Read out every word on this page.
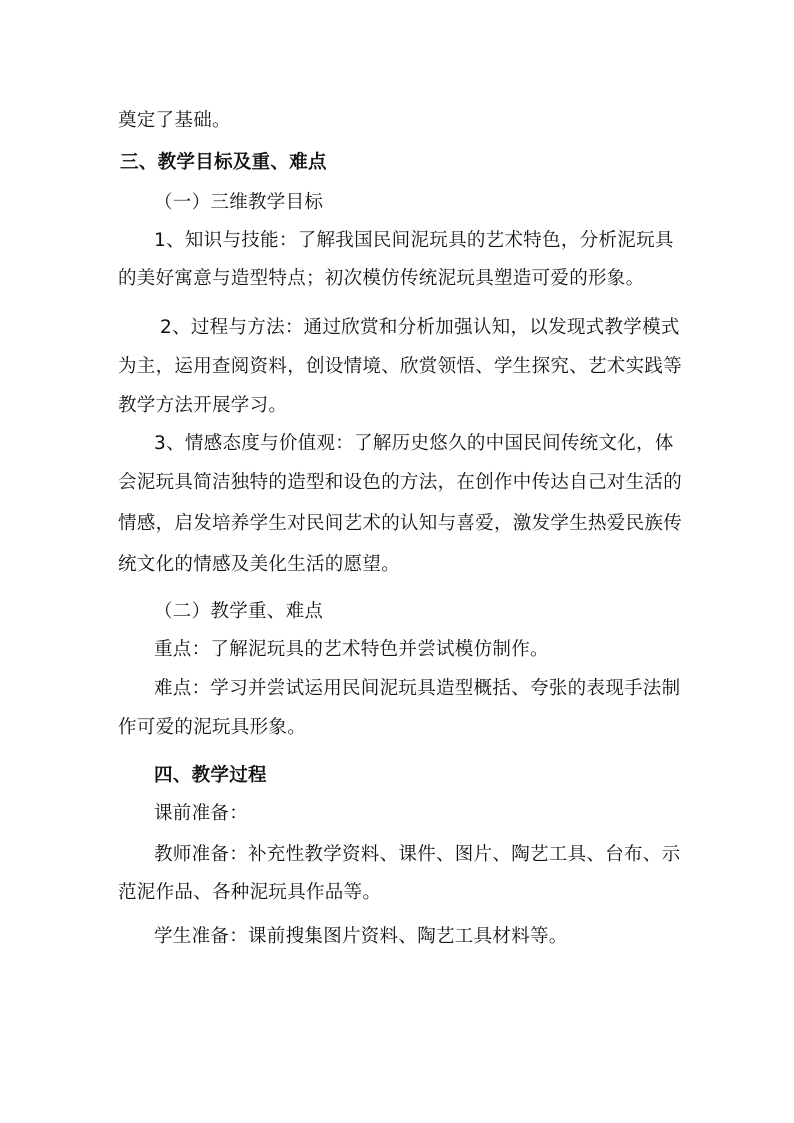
奠定了基础。
三、教学目标及重、难点
（一）三维教学目标
1、知识与技能：了解我国民间泥玩具的艺术特色，分析泥玩具
的美好寓意与造型特点；初次模仿传统泥玩具塑造可爱的形象。
2、过程与方法：通过欣赏和分析加强认知，以发现式教学模式
为主，运用查阅资料，创设情境、欣赏领悟、学生探究、艺术实践等
教学方法开展学习。
3、情感态度与价值观：了解历史悠久的中国民间传统文化，体
会泥玩具简洁独特的造型和设色的方法，在创作中传达自己对生活的
情感，启发培养学生对民间艺术的认知与喜爱，激发学生热爱民族传
统文化的情感及美化生活的愿望。
（二）教学重、难点
重点：了解泥玩具的艺术特色并尝试模仿制作。
难点：学习并尝试运用民间泥玩具造型概括、夸张的表现手法制
作可爱的泥玩具形象。
四、教学过程
课前准备：
教师准备：补充性教学资料、课件、图片、陶艺工具、台布、示
范泥作品、各种泥玩具作品等。
学生准备：课前搜集图片资料、陶艺工具材料等。
